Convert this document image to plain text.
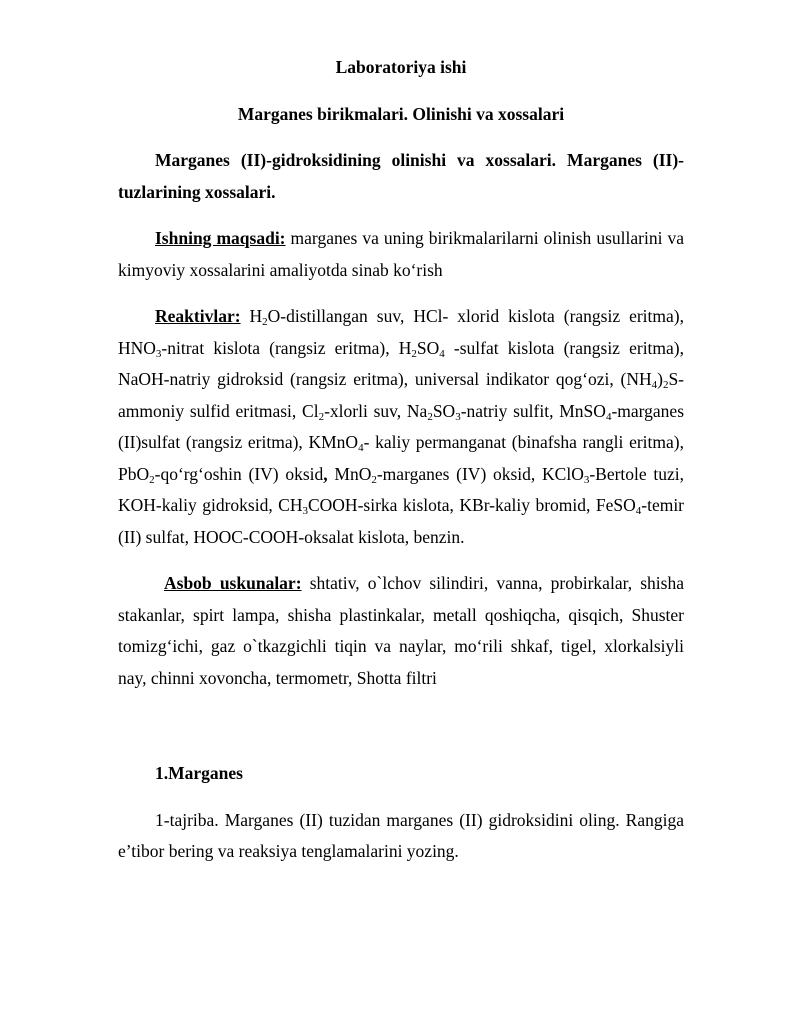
Laboratoriya ishi
Marganes birikmalari. Olinishi va xossalari

Marganes (II)-gidroksidining olinishi va xossalari. Marganes (II)-tuzlarining xossalari.

Ishning maqsadi: marganes va uning birikmalarilarni olinish usullarini va kimyoviy xossalarini amaliyotda sinab ko‘rish

Reaktivlar: $H_2O$-distillangan suv, HCl- xlorid kislota (rangsiz eritma), $HNO_3$-nitrat kislota (rangsiz eritma), $H_2SO_4$ -sulfat kislota (rangsiz eritma), NaOH-natriy gidroksid (rangsiz eritma), universal indikator qog‘ozi, $(NH_4)_2S-$ ammoniy sulfid eritmasi, $Cl_2$-xlorli suv, $Na_2SO_3$-natriy sulfit, MnSO$_4$-marganes (II)sulfat (rangsiz eritma), KMnO$_4$- kaliy permanganat (binafsha rangli eritma), PbO$_2$-qo‘rg‘oshin (IV) oksid, MnO$_2$-marganes (IV) oksid, KClO$_3$-Bertole tuzi, KOH-kaliy gidroksid, $CH_3COOH$-sirka kislota, KBr-kaliy bromid, FeSO$_4$-temir (II) sulfat, HOOC-COOH-oksalat kislota, benzin.

Asbob uskunalar: shtativ, o`lchov silindiri, vanna, probirkalar, shisha stakanlar, spirt lampa, shisha plastinkalar, metall qoshiqcha, qisqich, Shuster tomizg‘ichi, gaz o`tkazgichli tiqin va naylar, mo‘rili shkaf, tigel, xlorkalsiyli nay, chinni xovoncha, termometr, Shotta filtri

1.Marganes

1-tajriba. Marganes (II) tuzidan marganes (II) gidroksidini oling. Rangiga e’tibor bering va reaksiya tenglamalarini yozing.
